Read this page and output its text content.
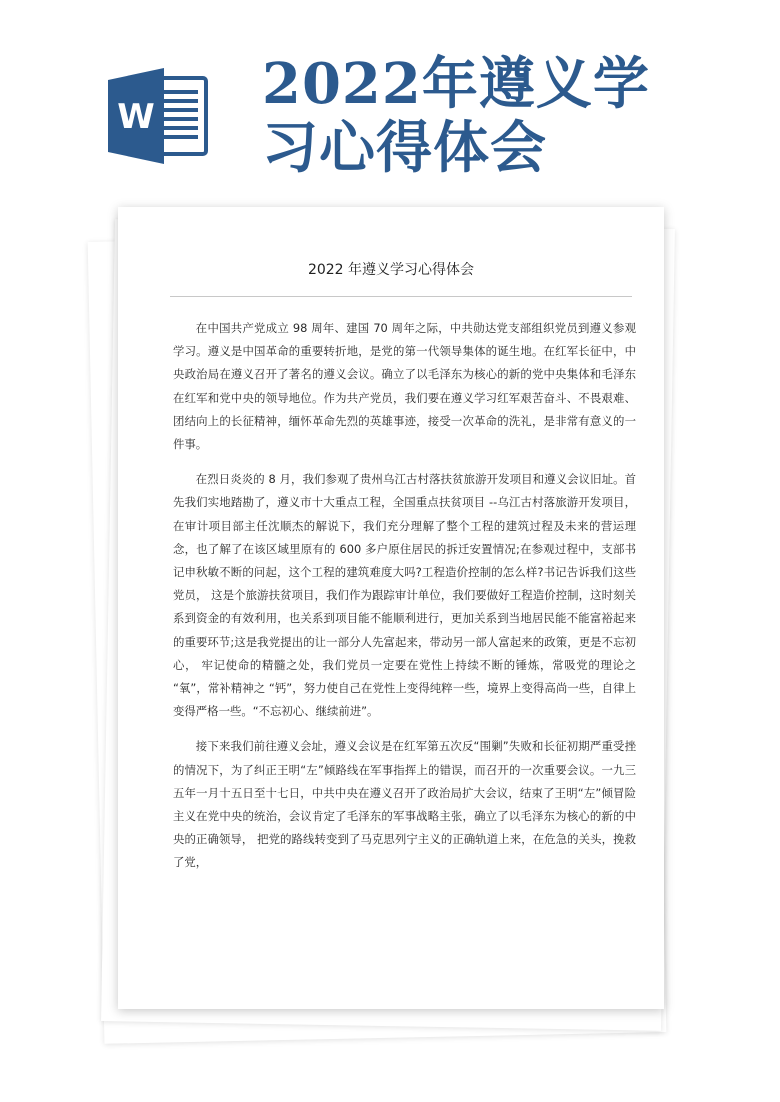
W 2022年遵义学
习心得体会
2022 年遵义学习心得体会

在中国共产党成立 98 周年、建国 70 周年之际，中共勋达党支部组织党员到遵义参观学习。遵义是中国革命的重要转折地，是党的第一代领导集体的诞生地。在红军长征中，中央政治局在遵义召开了著名的遵义会议。确立了以毛泽东为核心的新的党中央集体和毛泽东在红军和党中央的领导地位。作为共产党员，我们要在遵义学习红军艰苦奋斗、不畏艰难、团结向上的长征精神，缅怀革命先烈的英雄事迹，接受一次革命的洗礼，是非常有意义的一件事。

在烈日炎炎的 8 月，我们参观了贵州乌江古村落扶贫旅游开发项目和遵义会议旧址。首先我们实地踏勘了，遵义市十大重点工程，全国重点扶贫项目 --乌江古村落旅游开发项目，在审计项目部主任沈顺杰的解说下，我们充分理解了整个工程的建筑过程及未来的营运理念，也了解了在该区域里原有的 600 多户原住居民的拆迁安置情况;在参观过程中，支部书记申秋敏不断的问起，这个工程的建筑难度大吗?工程造价控制的怎么样?书记告诉我们这些党员， 这是个旅游扶贫项目，我们作为跟踪审计单位，我们要做好工程造价控制，这时刻关系到资金的有效利用，也关系到项目能不能顺利进行，更加关系到当地居民能不能富裕起来的重要环节;这是我党提出的让一部分人先富起来，带动另一部人富起来的政策，更是不忘初心， 牢记使命的精髓之处，我们党员一定要在党性上持续不断的锤炼，常吸党的理论之 “氧”，常补精神之 “钙”，努力使自己在党性上变得纯粹一些，境界上变得高尚一些，自律上变得严格一些。“不忘初心、继续前进”。

接下来我们前往遵义会址，遵义会议是在红军第五次反“围剿”失败和长征初期严重受挫的情况下，为了纠正王明“左”倾路线在军事指挥上的错误，而召开的一次重要会议。一九三五年一月十五日至十七日，中共中央在遵义召开了政治局扩大会议，结束了王明“左”倾冒险主义在党中央的统治，会议肯定了毛泽东的军事战略主张，确立了以毛泽东为核心的新的中央的正确领导， 把党的路线转变到了马克思列宁主义的正确轨道上来，在危急的关头，挽救了党，
